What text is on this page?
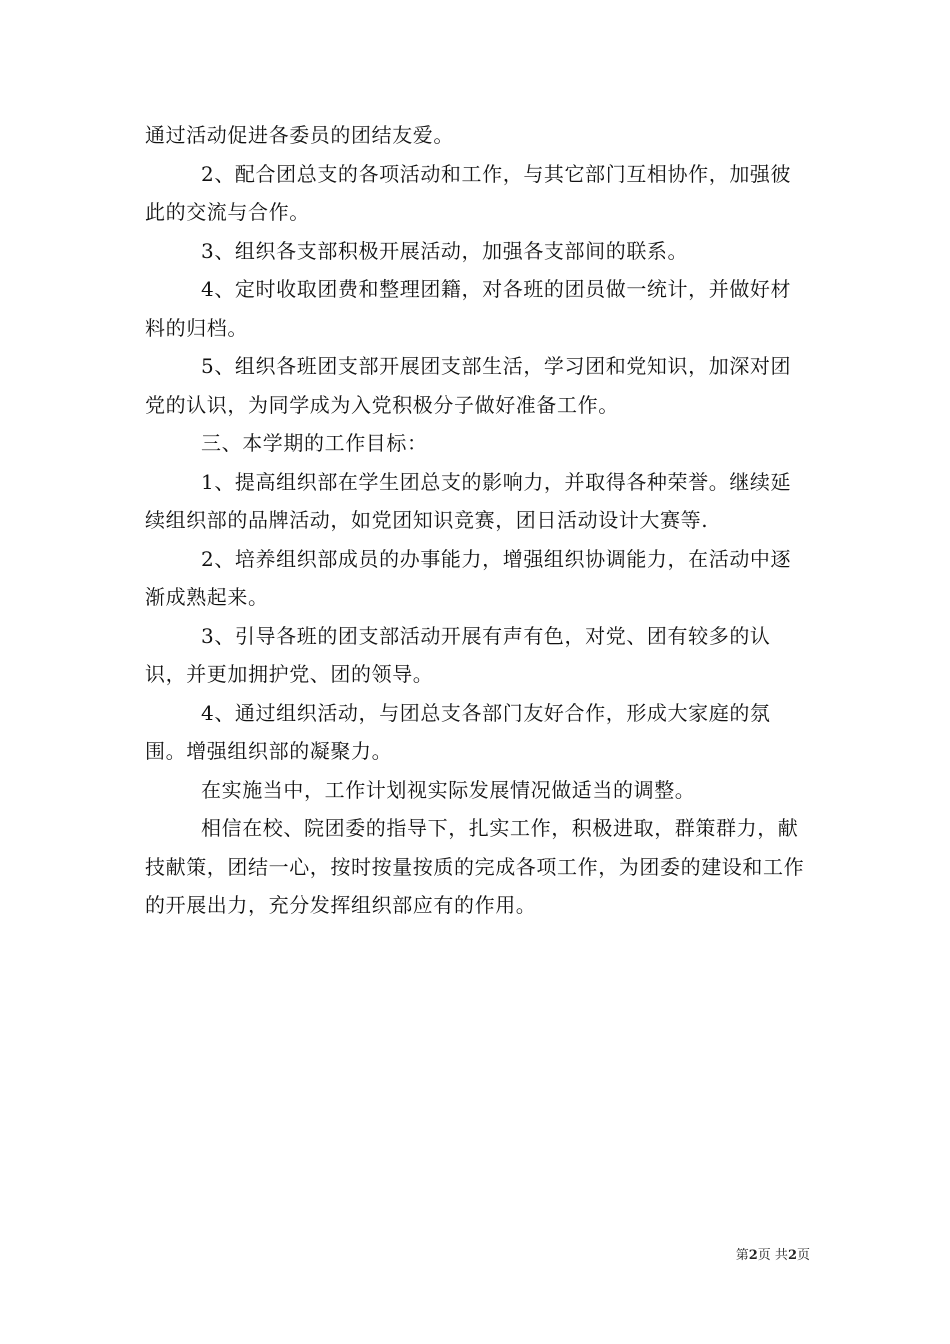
通过活动促进各委员的团结友爱。

2、配合团总支的各项活动和工作，与其它部门互相协作，加强彼此的交流与合作。

3、组织各支部积极开展活动，加强各支部间的联系。

4、定时收取团费和整理团籍，对各班的团员做一统计，并做好材料的归档。

5、组织各班团支部开展团支部生活，学习团和党知识，加深对团党的认识，为同学成为入党积极分子做好准备工作。

三、本学期的工作目标：

1、提高组织部在学生团总支的影响力，并取得各种荣誉。继续延续组织部的品牌活动，如党团知识竞赛，团日活动设计大赛等.

2、培养组织部成员的办事能力，增强组织协调能力，在活动中逐渐成熟起来。

3、引导各班的团支部活动开展有声有色，对党、团有较多的认识，并更加拥护党、团的领导。

4、通过组织活动，与团总支各部门友好合作，形成大家庭的氛围。增强组织部的凝聚力。

在实施当中，工作计划视实际发展情况做适当的调整。

相信在校、院团委的指导下，扎实工作，积极进取，群策群力，献技献策，团结一心，按时按量按质的完成各项工作，为团委的建设和工作的开展出力，充分发挥组织部应有的作用。

第2页 共2页
